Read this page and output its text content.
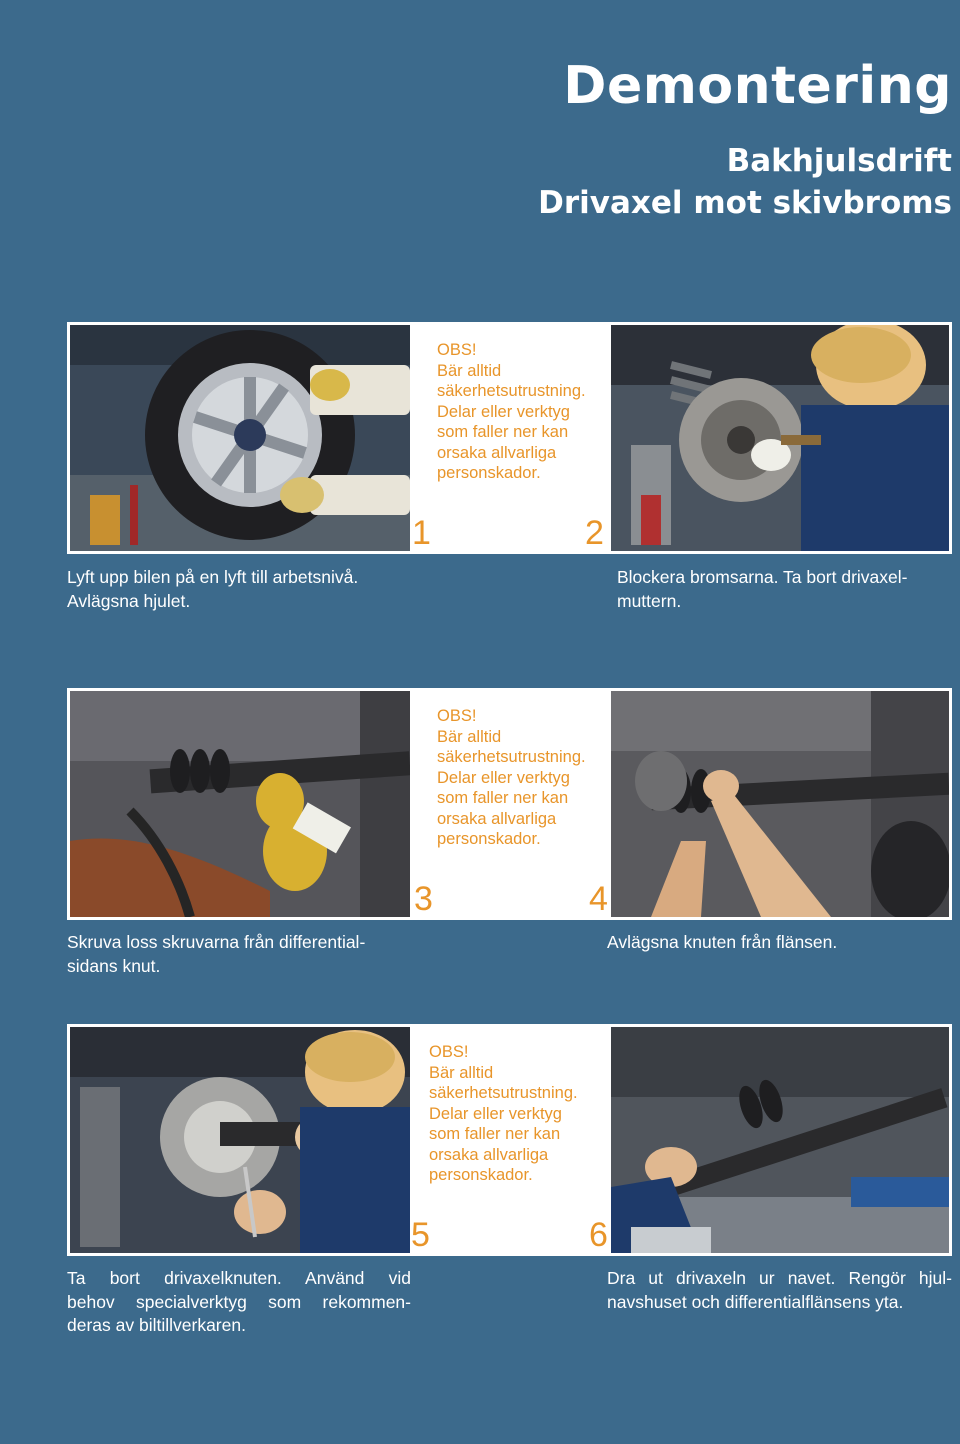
Demontering
Bakhjulsdrift
Drivaxel mot skivbroms
OBS!
Bär alltid
säkerhetsutrustning.
Delar eller verktyg
som faller ner kan
orsaka allvarliga
personskador.
1	2
Lyft upp bilen på en lyft till arbetsnivå.
Avlägsna hjulet.
Blockera bromsarna. Ta bort drivaxel-
muttern.
OBS!
Bär alltid
säkerhetsutrustning.
Delar eller verktyg
som faller ner kan
orsaka allvarliga
personskador.
3	4
Skruva loss skruvarna från differential-
sidans knut.
Avlägsna knuten från flänsen.
OBS!
Bär alltid
säkerhetsutrustning.
Delar eller verktyg
som faller ner kan
orsaka allvarliga
personskador.
5	6
Ta bort drivaxelknuten. Använd vid
behov specialverktyg som rekommen-
deras av biltillverkaren.
Dra ut drivaxeln ur navet. Rengör hjul-
navshuset och differentialflänsens yta.
